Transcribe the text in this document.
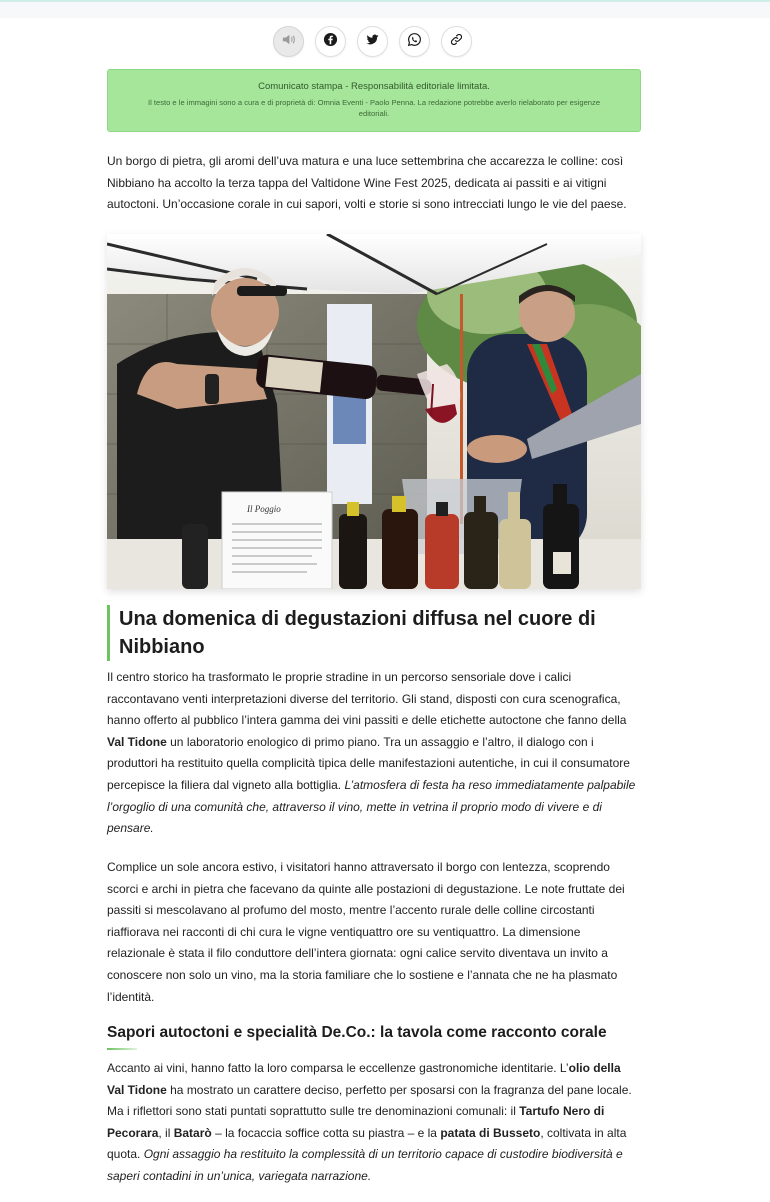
Comunicato stampa - Responsabilità editoriale limitata.
Il testo e le immagini sono a cura e di proprietà di: Omnia Eventi - Paolo Penna. La redazione potrebbe averlo rielaborato per esigenze editoriali.

Un borgo di pietra, gli aromi dell’uva matura e una luce settembrina che accarezza le colline: così Nibbiano ha accolto la terza tappa del Valtidone Wine Fest 2025, dedicata ai passiti e ai vitigni autoctoni. Un’occasione corale in cui sapori, volti e storie si sono intrecciati lungo le vie del paese.

Il Poggio
Una domenica di degustazioni diffusa nel cuore di Nibbiano

Il centro storico ha trasformato le proprie stradine in un percorso sensoriale dove i calici raccontavano venti interpretazioni diverse del territorio. Gli stand, disposti con cura scenografica, hanno offerto al pubblico l’intera gamma dei vini passiti e delle etichette autoctone che fanno della Val Tidone un laboratorio enologico di primo piano. Tra un assaggio e l’altro, il dialogo con i produttori ha restituito quella complicità tipica delle manifestazioni autentiche, in cui il consumatore percepisce la filiera dal vigneto alla bottiglia. L’atmosfera di festa ha reso immediatamente palpabile l’orgoglio di una comunità che, attraverso il vino, mette in vetrina il proprio modo di vivere e di pensare.

Complice un sole ancora estivo, i visitatori hanno attraversato il borgo con lentezza, scoprendo scorci e archi in pietra che facevano da quinte alle postazioni di degustazione. Le note fruttate dei passiti si mescolavano al profumo del mosto, mentre l’accento rurale delle colline circostanti riaffiorava nei racconti di chi cura le vigne ventiquattro ore su ventiquattro. La dimensione relazionale è stata il filo conduttore dell’intera giornata: ogni calice servito diventava un invito a conoscere non solo un vino, ma la storia familiare che lo sostiene e l’annata che ne ha plasmato l’identità.

Sapori autoctoni e specialità De.Co.: la tavola come racconto corale

Accanto ai vini, hanno fatto la loro comparsa le eccellenze gastronomiche identitarie. L’olio della Val Tidone ha mostrato un carattere deciso, perfetto per sposarsi con la fragranza del pane locale. Ma i riflettori sono stati puntati soprattutto sulle tre denominazioni comunali: il Tartufo Nero di Pecorara, il Batarò – la focaccia soffice cotta su piastra – e la patata di Busseto, coltivata in alta quota. Ogni assaggio ha restituito la complessità di un territorio capace di custodire biodiversità e saperi contadini in un’unica, variegata narrazione.
